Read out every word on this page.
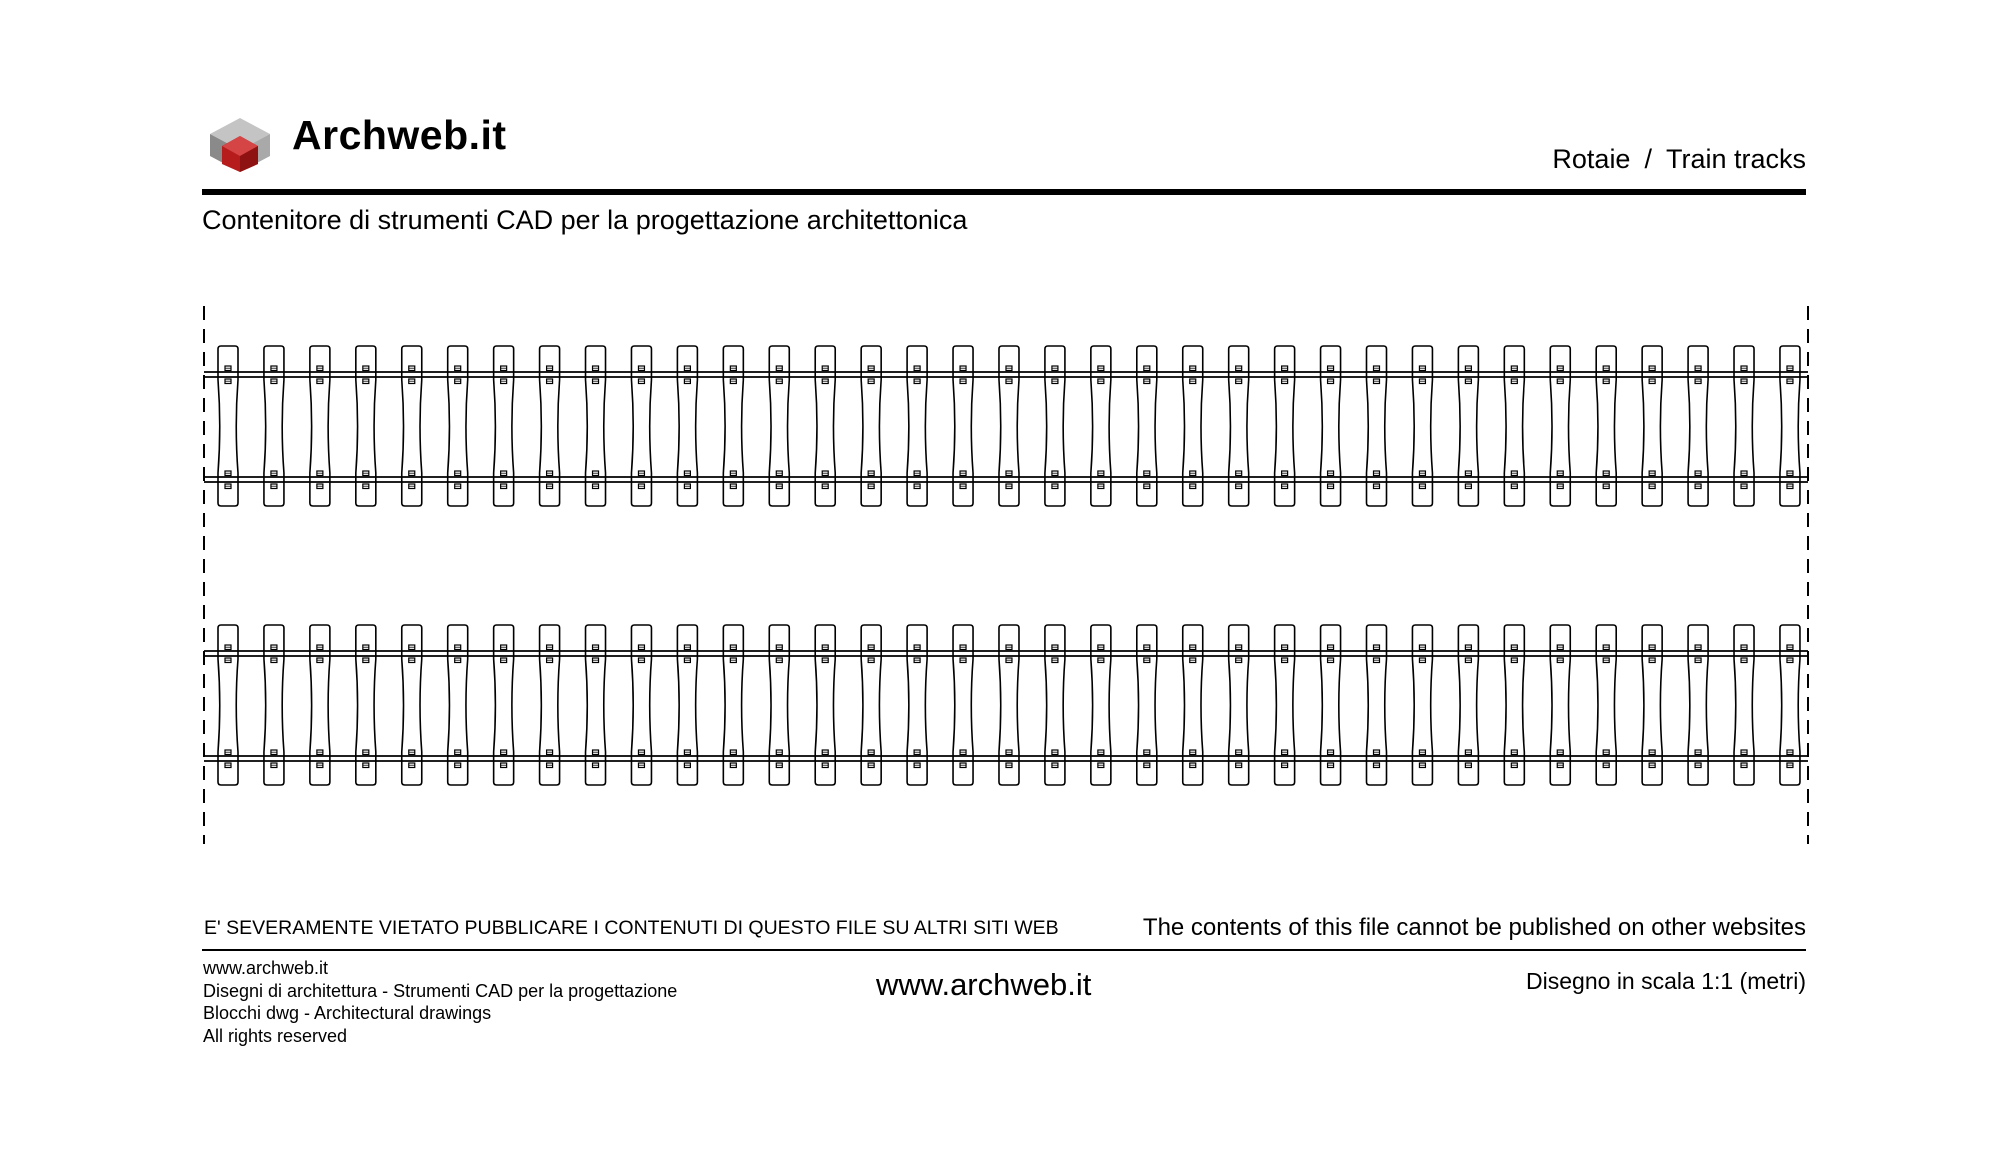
Archweb.it
Rotaie / Train tracks
Contenitore di strumenti CAD per la progettazione architettonica
E' SEVERAMENTE VIETATO PUBBLICARE I CONTENUTI DI QUESTO FILE SU ALTRI SITI WEB	The contents of this file cannot be published on other websites
www.archweb.it
Disegni di architettura - Strumenti CAD per la progettazione
Blocchi dwg - Architectural drawings
All rights reserved
www.archweb.it	Disegno in scala 1:1 (metri)
